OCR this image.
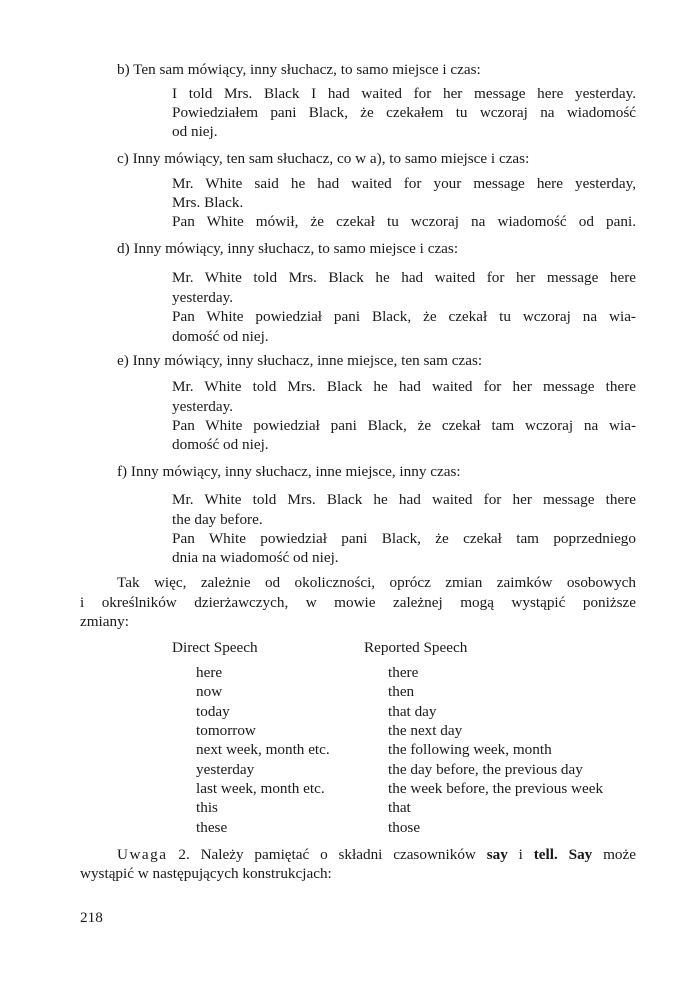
b) Ten sam mówiący, inny słuchacz, to samo miejsce i czas:
I told Mrs. Black I had waited for her message here yesterday.
Powiedziałem pani Black, że czekałem tu wczoraj na wiadomość
od niej.
c) Inny mówiący, ten sam słuchacz, co w a), to samo miejsce i czas:
Mr. White said he had waited for your message here yesterday,
Mrs. Black.
Pan White mówił, że czekał tu wczoraj na wiadomość od pani.
d) Inny mówiący, inny słuchacz, to samo miejsce i czas:
Mr. White told Mrs. Black he had waited for her message here
yesterday.
Pan White powiedział pani Black, że czekał tu wczoraj na wia-
domość od niej.
e) Inny mówiący, inny słuchacz, inne miejsce, ten sam czas:
Mr. White told Mrs. Black he had waited for her message there
yesterday.
Pan White powiedział pani Black, że czekał tam wczoraj na wia-
domość od niej.
f) Inny mówiący, inny słuchacz, inne miejsce, inny czas:
Mr. White told Mrs. Black he had waited for her message there
the day before.
Pan White powiedział pani Black, że czekał tam poprzedniego
dnia na wiadomość od niej.
Tak więc, zależnie od okoliczności, oprócz zmian zaimków osobowych
i określników dzierżawczych, w mowie zależnej mogą wystąpić poniższe
zmiany:
Direct Speech	Reported Speech
here	there
now	then
today	that day
tomorrow	the next day
next week, month etc.	the following week, month
yesterday	the day before, the previous day
last week, month etc.	the week before, the previous week
this	that
these	those
Uwaga 2. Należy pamiętać o składni czasowników say i tell. Say może
wystąpić w następujących konstrukcjach:
218
